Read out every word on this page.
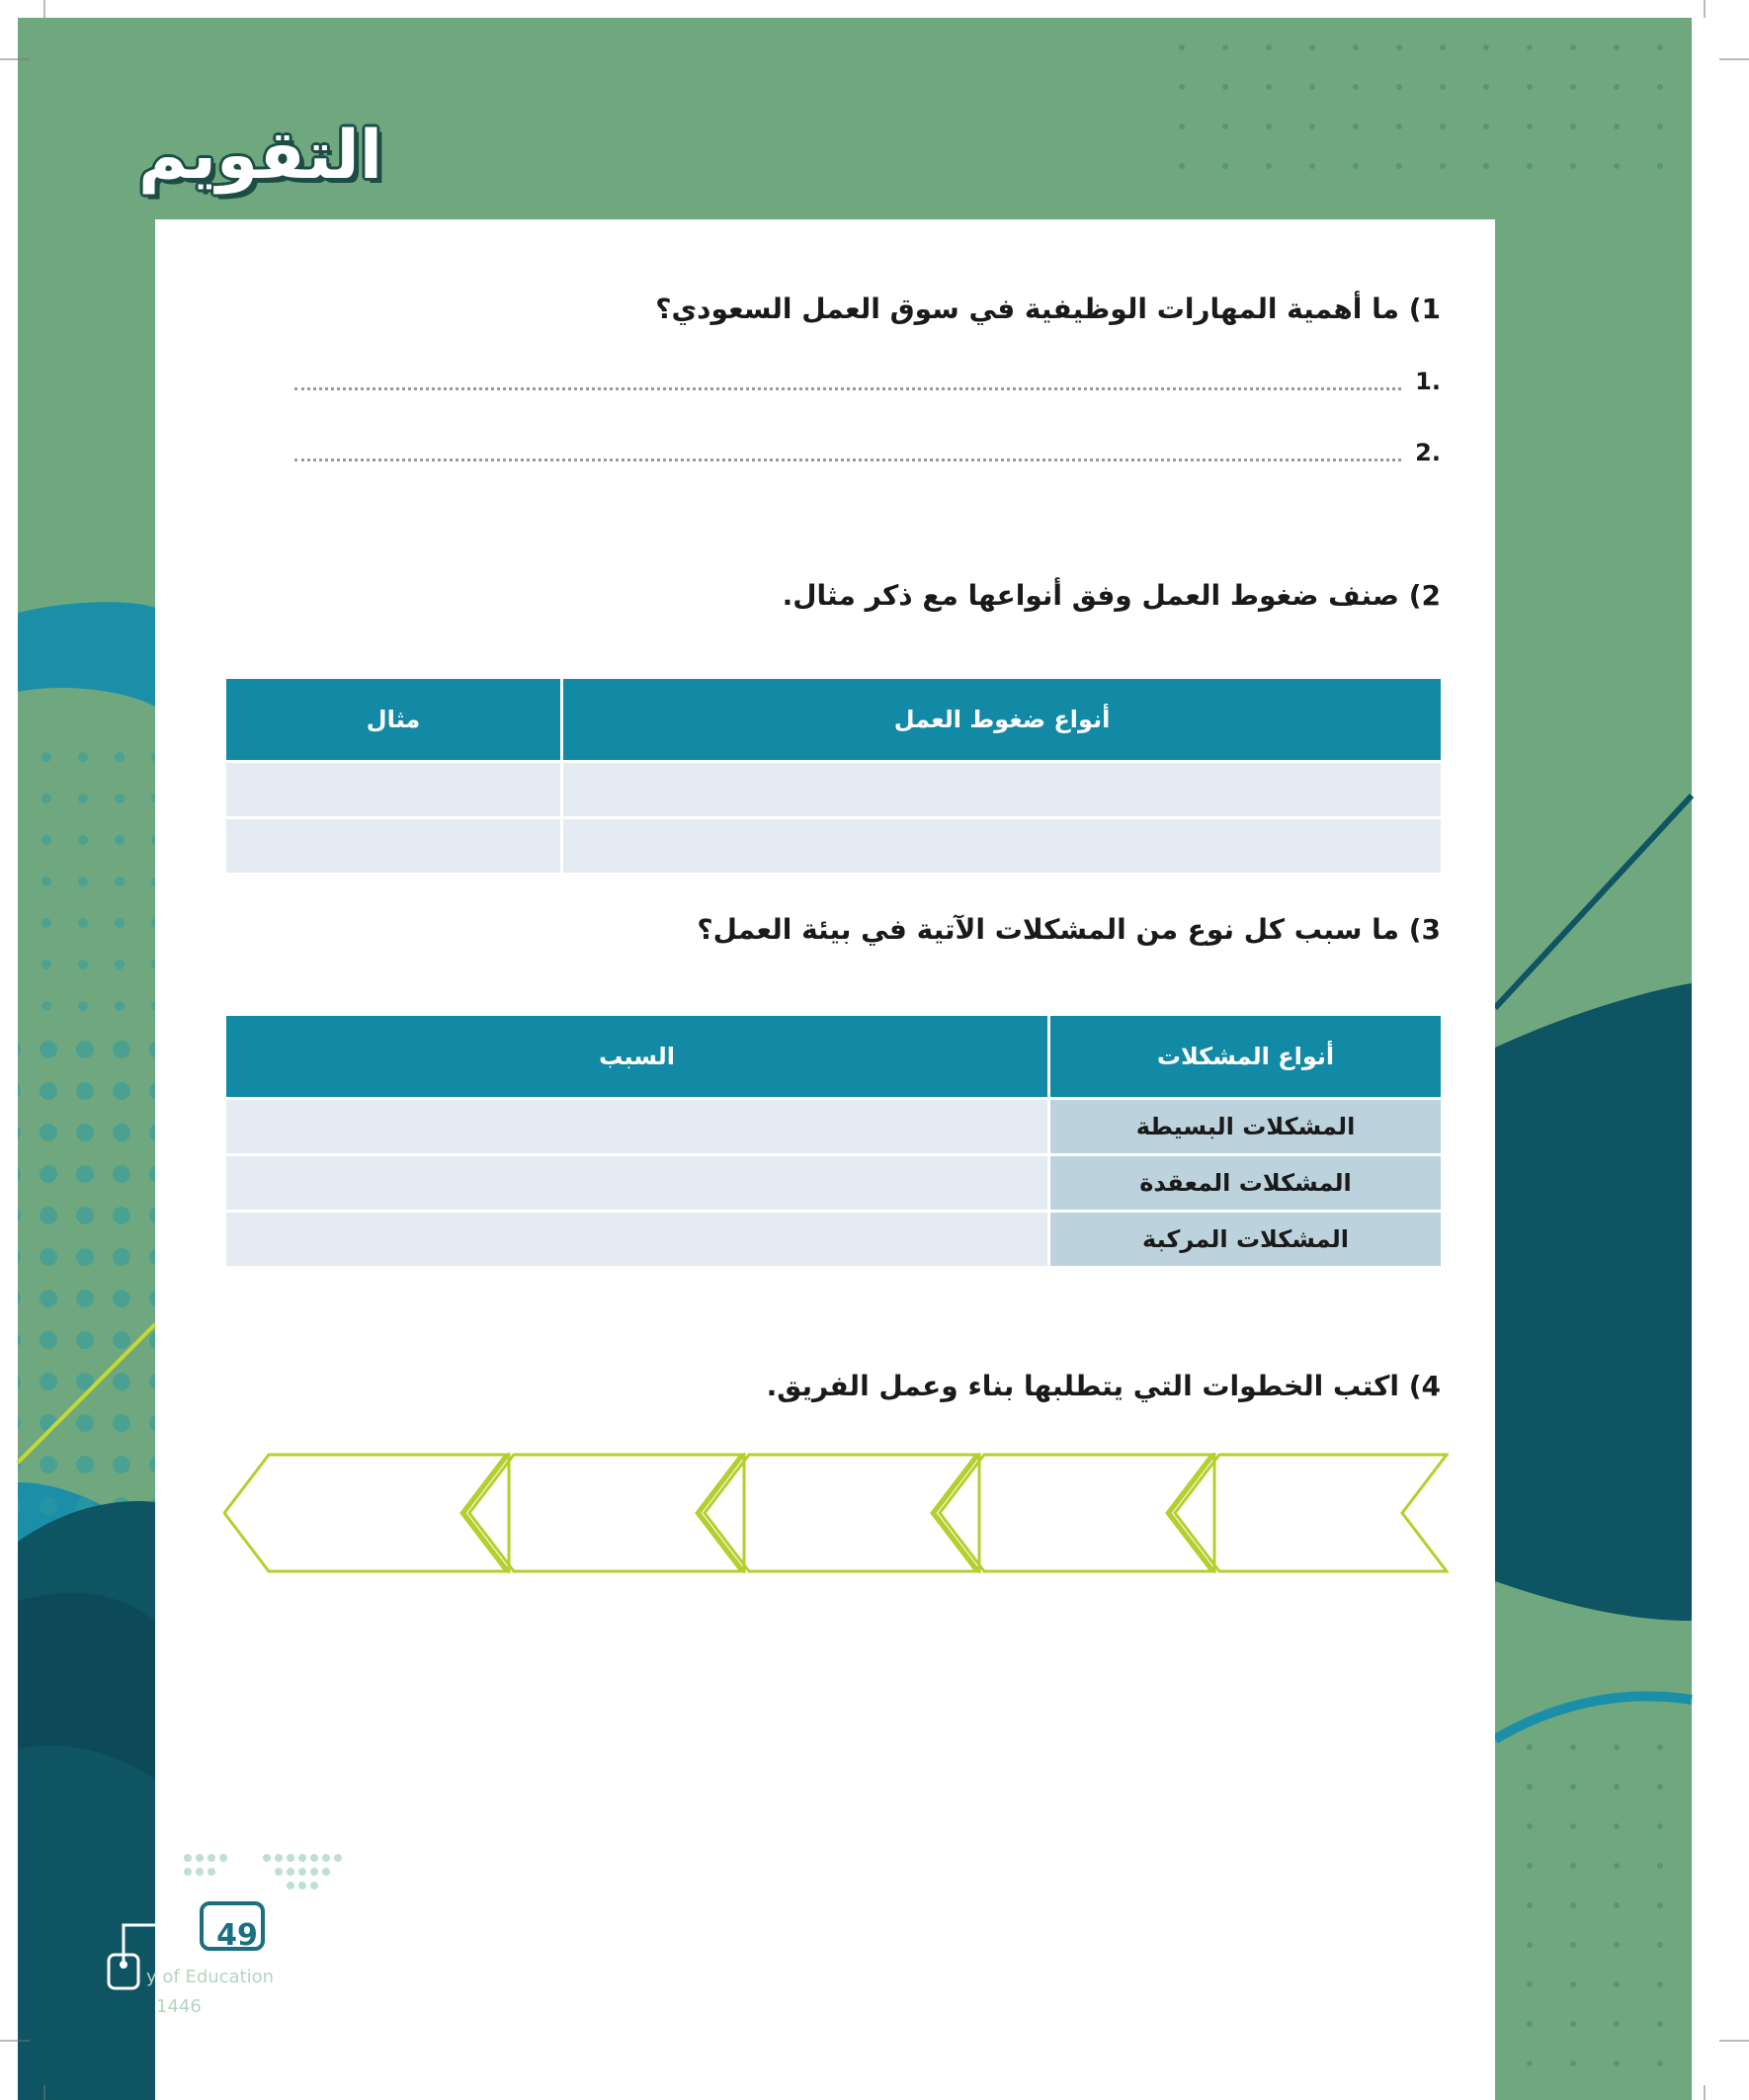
التقويم
1) ما أهمية المهارات الوظيفية في سوق العمل السعودي؟
.1
.2
2) صنف ضغوط العمل وفق أنواعها مع ذكر مثال.
أنواع ضغوط العمل	مثال

3) ما سبب كل نوع من المشكلات الآتية في بيئة العمل؟
أنواع المشكلات	السبب
المشكلات البسيطة	
المشكلات المعقدة	
المشكلات المركبة	
4) اكتب الخطوات التي يتطلبها بناء وعمل الفريق.
49
y of Education
1446
